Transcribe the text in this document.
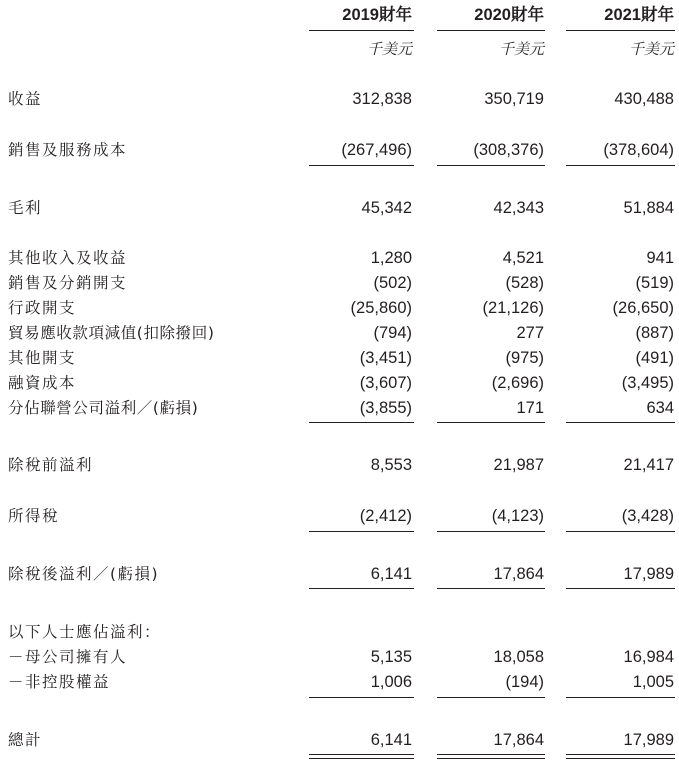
2019財年	2020財年	2021財年
千美元	千美元	千美元
收益	312,838	350,719	430,488
銷售及服務成本	(267,496)	(308,376)	(378,604)
毛利	45,342	42,343	51,884
其他收入及收益	1,280	4,521	941
銷售及分銷開支	(502)	(528)	(519)
行政開支	(25,860)	(21,126)	(26,650)
貿易應收款項減值(扣除撥回)	(794)	277	(887)
其他開支	(3,451)	(975)	(491)
融資成本	(3,607)	(2,696)	(3,495)
分佔聯營公司溢利／(虧損)	(3,855)	171	634
除稅前溢利	8,553	21,987	21,417
所得稅	(2,412)	(4,123)	(3,428)
除稅後溢利／(虧損)	6,141	17,864	17,989
以下人士應佔溢利：
－母公司擁有人	5,135	18,058	16,984
－非控股權益	1,006	(194)	1,005
總計	6,141	17,864	17,989
